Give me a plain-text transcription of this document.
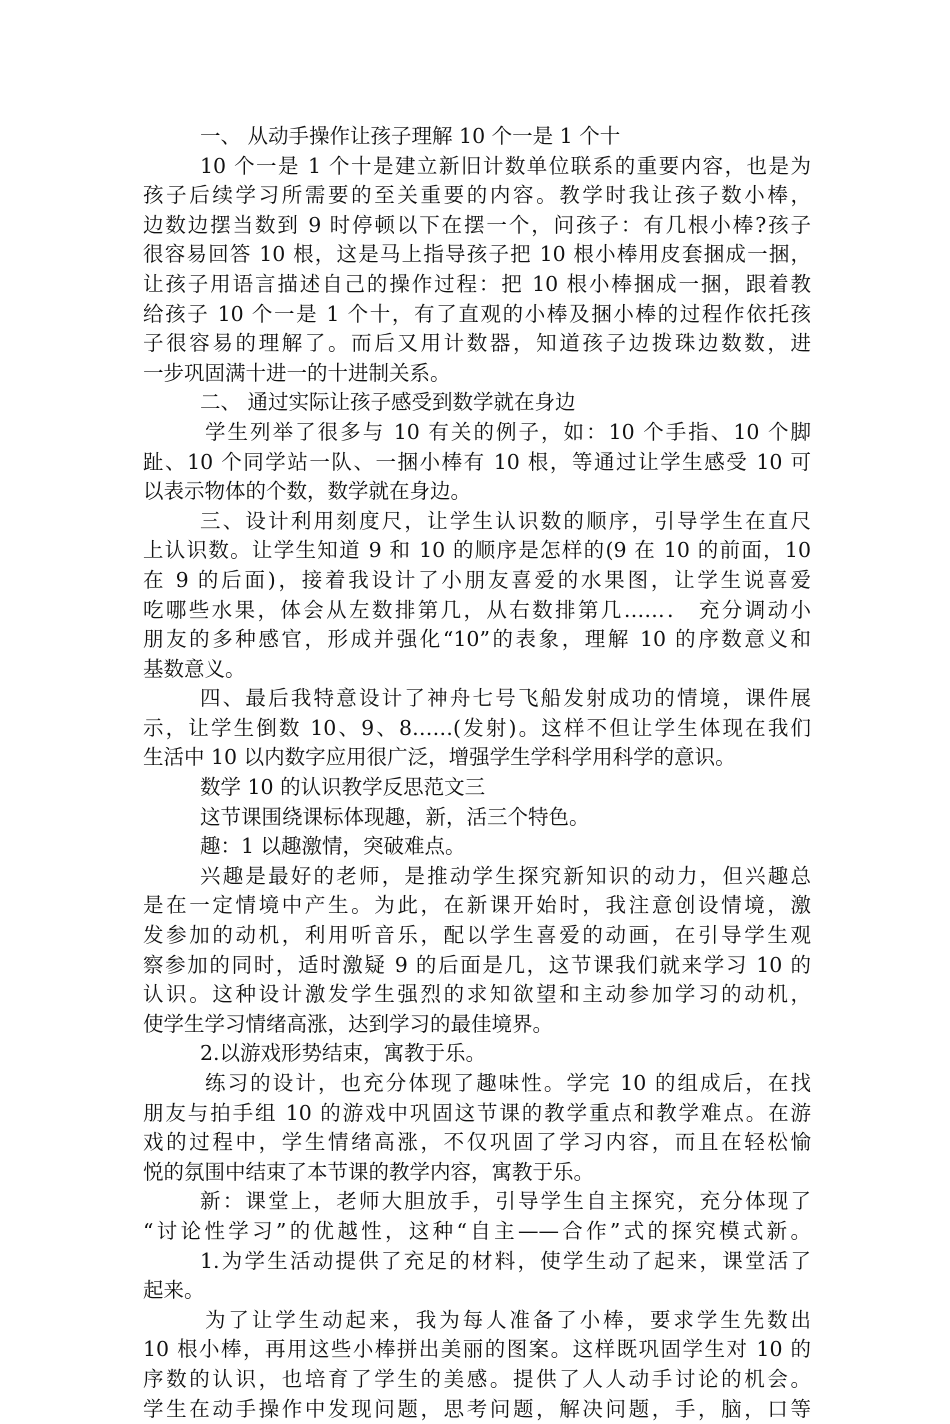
一、 从动手操作让孩子理解 10 个一是 1 个十
10 个一是 1 个十是建立新旧计数单位联系的重要内容，也是为
孩子后续学习所需要的至关重要的内容。教学时我让孩子数小棒，
边数边摆当数到 9 时停顿以下在摆一个，问孩子：有几根小棒?孩子
很容易回答 10 根，这是马上指导孩子把 10 根小棒用皮套捆成一捆，
让孩子用语言描述自己的操作过程：把 10 根小棒捆成一捆，跟着教
给孩子 10 个一是 1 个十，有了直观的小棒及捆小棒的过程作依托孩
子很容易的理解了。而后又用计数器，知道孩子边拨珠边数数，进
一步巩固满十进一的十进制关系。
二、 通过实际让孩子感受到数学就在身边
学生列举了很多与 10 有关的例子，如：10 个手指、10 个脚
趾、10 个同学站一队、一捆小棒有 10 根，等通过让学生感受 10 可
以表示物体的个数，数学就在身边。
三、设计利用刻度尺，让学生认识数的顺序，引导学生在直尺
上认识数。让学生知道 9 和 10 的顺序是怎样的(9 在 10 的前面，10
在 9 的后面)，接着我设计了小朋友喜爱的水果图，让学生说喜爱
吃哪些水果，体会从左数排第几，从右数排第几……． 充分调动小
朋友的多种感官，形成并强化“10”的表象，理解 10 的序数意义和
基数意义。
四、最后我特意设计了神舟七号飞船发射成功的情境，课件展
示，让学生倒数 10、9、8……(发射)。这样不但让学生体现在我们
生活中 10 以内数字应用很广泛，增强学生学科学用科学的意识。
数学 10 的认识教学反思范文三
这节课围绕课标体现趣，新，活三个特色。
趣：1 以趣激情，突破难点。
兴趣是最好的老师，是推动学生探究新知识的动力，但兴趣总
是在一定情境中产生。为此，在新课开始时，我注意创设情境，激
发参加的动机，利用听音乐，配以学生喜爱的动画，在引导学生观
察参加的同时，适时激疑 9 的后面是几，这节课我们就来学习 10 的
认识。这种设计激发学生强烈的求知欲望和主动参加学习的动机，
使学生学习情绪高涨，达到学习的最佳境界。
2.以游戏形势结束，寓教于乐。
练习的设计，也充分体现了趣味性。学完 10 的组成后，在找
朋友与拍手组 10 的游戏中巩固这节课的教学重点和教学难点。在游
戏的过程中，学生情绪高涨，不仅巩固了学习内容，而且在轻松愉
悦的氛围中结束了本节课的教学内容，寓教于乐。
新：课堂上，老师大胆放手，引导学生自主探究，充分体现了
“讨论性学习”的优越性，这种“自主——合作”式的探究模式新。
1.为学生活动提供了充足的材料，使学生动了起来，课堂活了
起来。
为了让学生动起来，我为每人准备了小棒，要求学生先数出
10 根小棒，再用这些小棒拼出美丽的图案。这样既巩固学生对 10 的
序数的认识，也培育了学生的美感。提供了人人动手讨论的机会。
学生在动手操作中发现问题，思考问题，解决问题，手，脑，口等
